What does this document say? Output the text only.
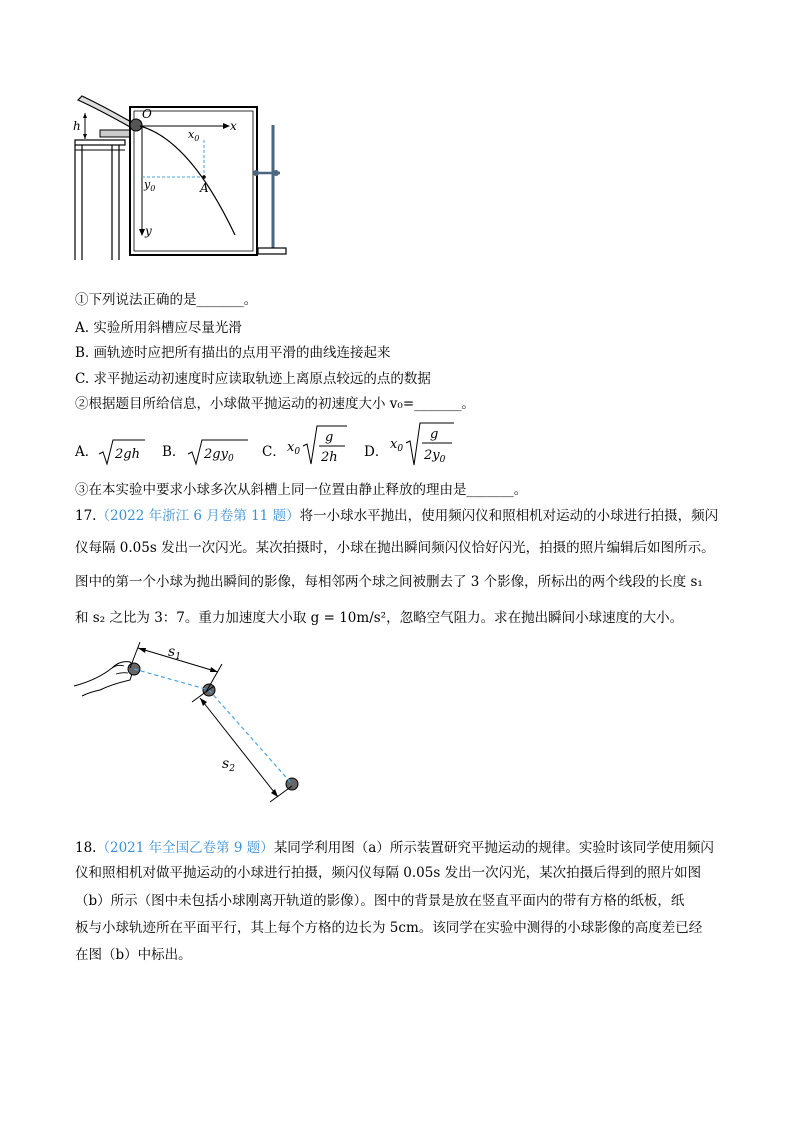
h
O
x
$x_0$
y
A
$y_0$
①下列说法正确的是_______。
A. 实验所用斜槽应尽量光滑
B. 画轨迹时应把所有描出的点用平滑的曲线连接起来
C. 求平抛运动初速度时应读取轨迹上离原点较远的点的数据
②根据题目所给信息，小球做平抛运动的初速度大小 v₀=_______。
A． 2gh B． $2gy_0$ C． $x_0$
g
2h D． $x_0$
g
$2y_0$
③在本实验中要求小球多次从斜槽上同一位置由静止释放的理由是_______。
17.（2022 年浙江 6 月卷第 11 题）将一小球水平抛出，使用频闪仪和照相机对运动的小球进行拍摄，频闪
仪每隔 0.05s 发出一次闪光。某次拍摄时，小球在抛出瞬间频闪仪恰好闪光，拍摄的照片编辑后如图所示。
图中的第一个小球为抛出瞬间的影像，每相邻两个球之间被删去了 3 个影像，所标出的两个线段的长度 s₁
和 s₂ 之比为 3：7。重力加速度大小取 g = 10m/s²，忽略空气阻力。求在抛出瞬间小球速度的大小。
$s_1$
$s_2$
18.（2021 年全国乙卷第 9 题）某同学利用图（a）所示装置研究平抛运动的规律。实验时该同学使用频闪
仪和照相机对做平抛运动的小球进行拍摄，频闪仪每隔 0.05s 发出一次闪光，某次拍摄后得到的照片如图
（b）所示（图中未包括小球刚离开轨道的影像）。图中的背景是放在竖直平面内的带有方格的纸板，纸
板与小球轨迹所在平面平行，其上每个方格的边长为 5cm。该同学在实验中测得的小球影像的高度差已经
在图（b）中标出。
